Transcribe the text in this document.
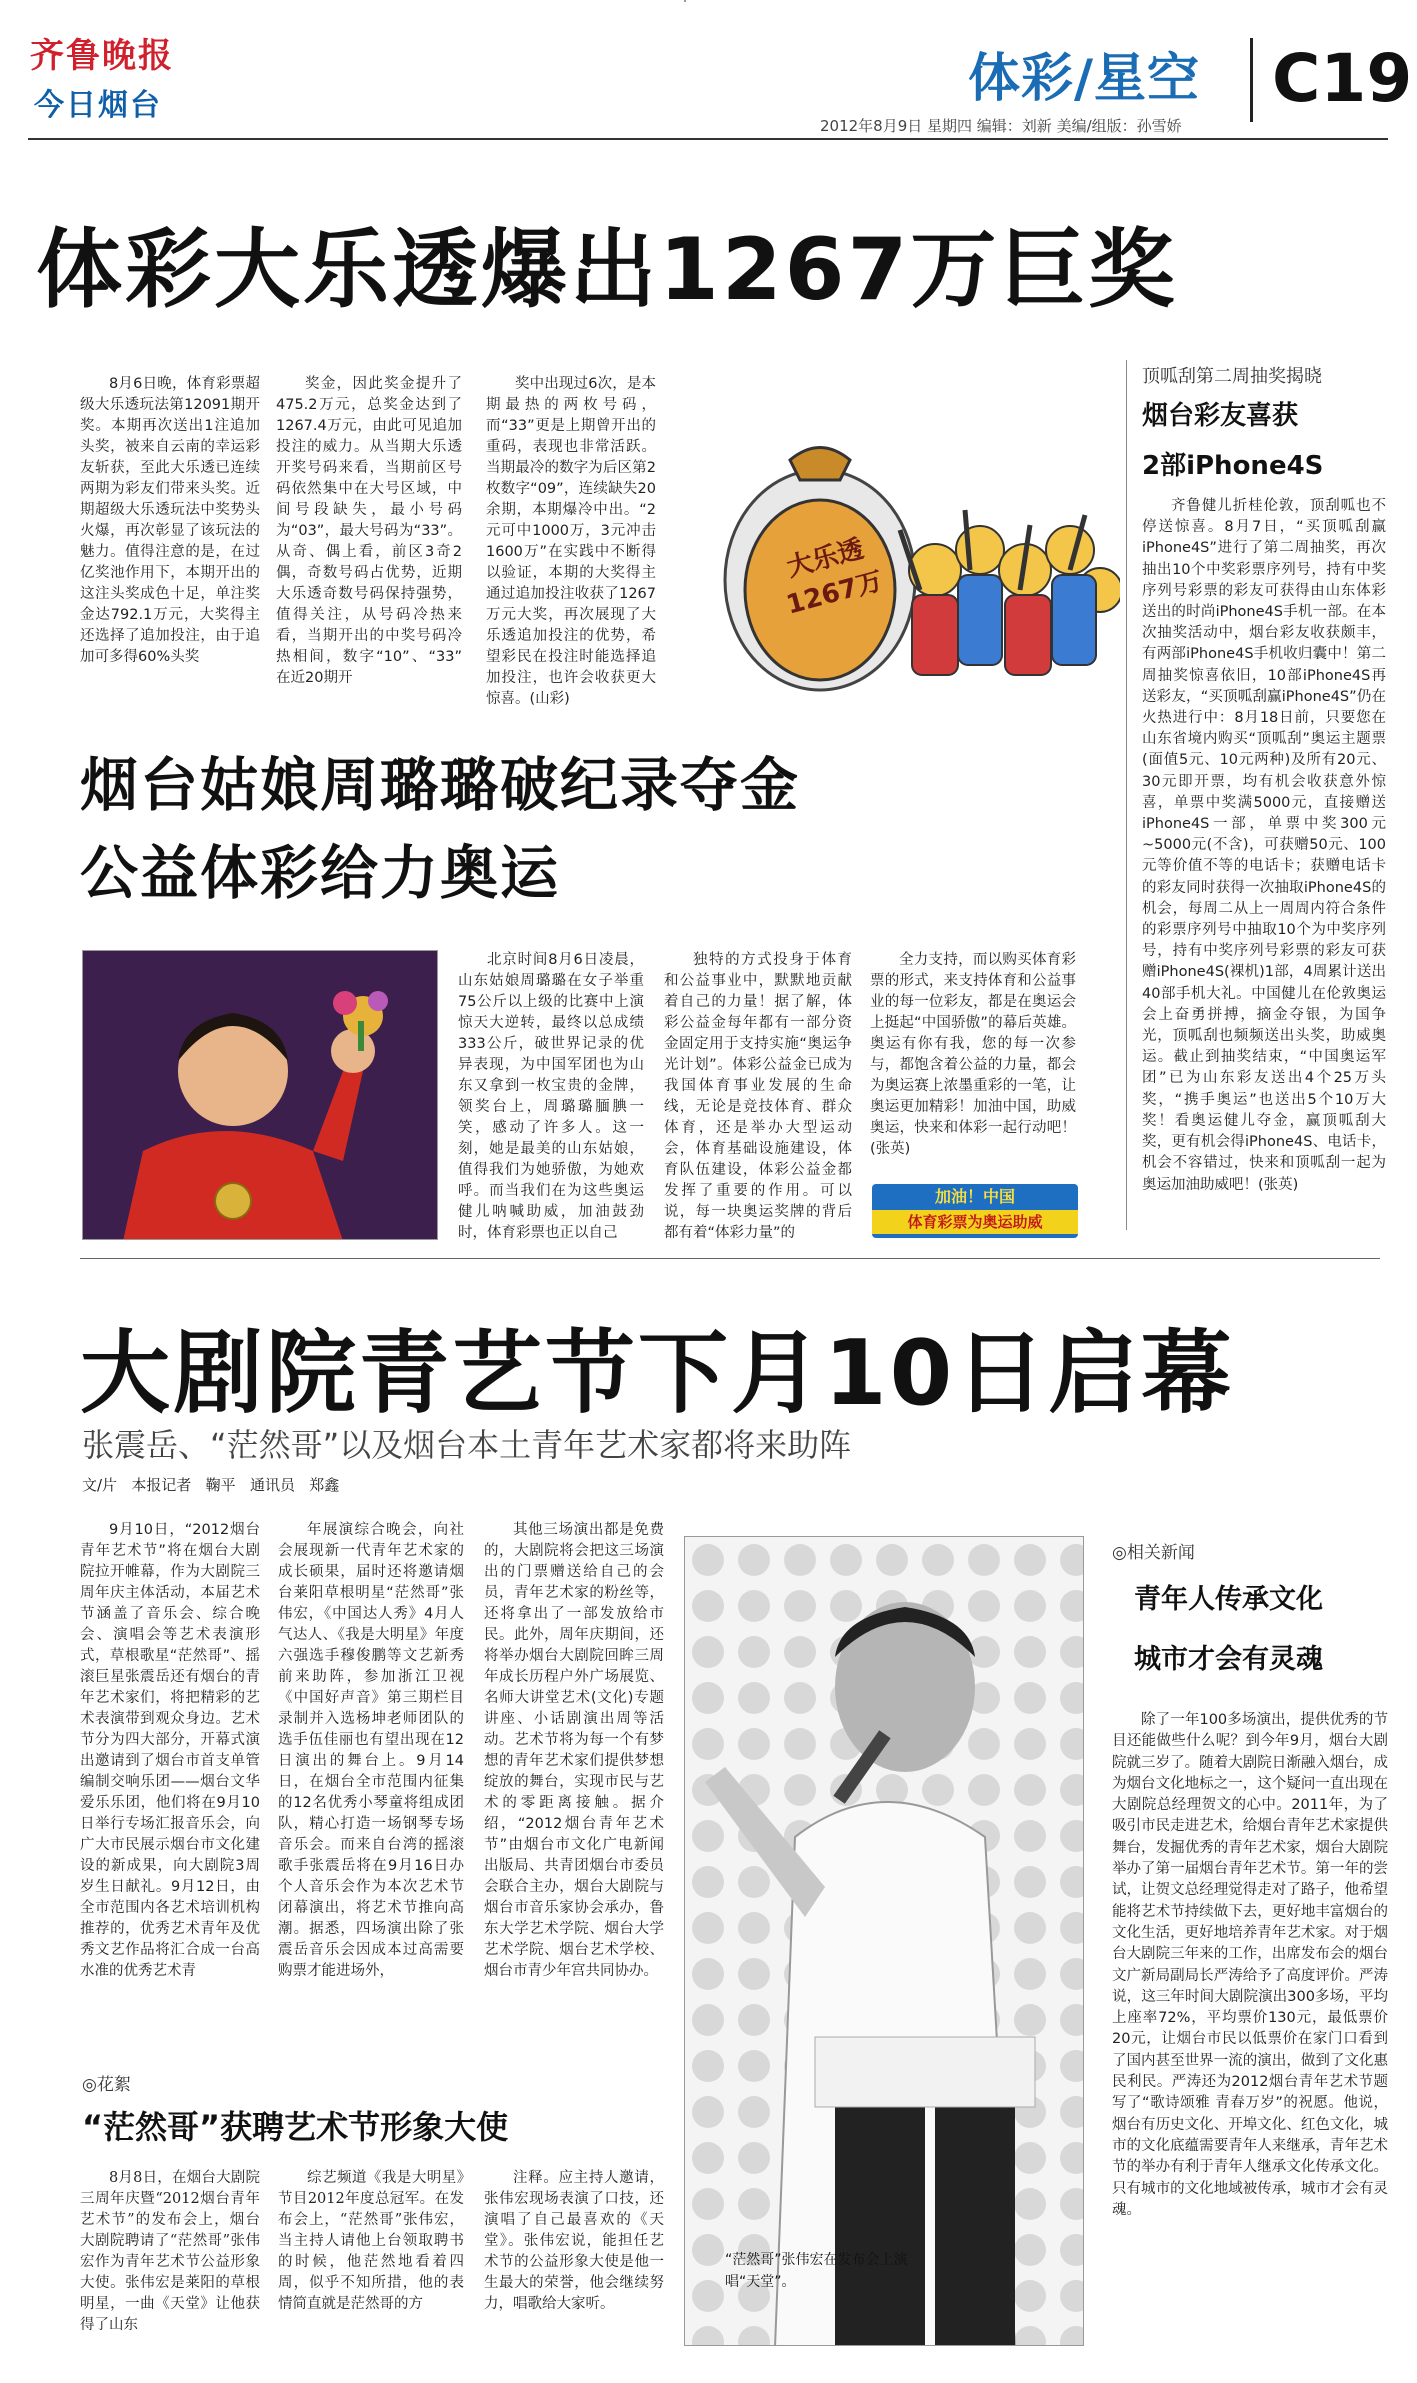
齐鲁晚报
今日烟台	体彩/星空 C19
2012年8月9日 星期四 编辑：刘新 美编/组版：孙雪娇
体彩大乐透爆出1267万巨奖

8月6日晚，体育彩票超级大乐透玩法第12091期开奖。本期再次送出1注追加头奖，被来自云南的幸运彩友斩获，至此大乐透已连续两期为彩友们带来头奖。近期超级大乐透玩法中奖势头火爆，再次彰显了该玩法的魅力。值得注意的是，在过亿奖池作用下，本期开出的这注头奖成色十足，单注奖金达792.1万元，大奖得主还选择了追加投注，由于追加可多得60%头奖

奖金，因此奖金提升了475.2万元，总奖金达到了1267.4万元，由此可见追加投注的威力。从当期大乐透开奖号码来看，当期前区号码依然集中在大号区域，中间号段缺失，最小号码为“03”，最大号码为“33”。从奇、偶上看，前区3奇2偶，奇数号码占优势，近期大乐透奇数号码保持强势，值得关注，从号码冷热来看，当期开出的中奖号码冷热相间，数字“10”、“33” 在近20期开

奖中出现过6次，是本期最热的两枚号码，而“33”更是上期曾开出的重码，表现也非常活跃。当期最冷的数字为后区第2枚数字“09”，连续缺失20余期，本期爆冷中出。“2元可中1000万，3元冲击1600万”在实践中不断得以验证，本期的大奖得主通过追加投注收获了1267万元大奖，再次展现了大乐透追加投注的优势，希望彩民在投注时能选择追加投注，也许会收获更大惊喜。(山彩)

大乐透 1267万
顶呱刮第二周抽奖揭晓
烟台彩友喜获
2部iPhone4S

齐鲁健儿折桂伦敦，顶刮呱也不停送惊喜。8月7日，“买顶呱刮赢iPhone4S”进行了第二周抽奖，再次抽出10个中奖彩票序列号，持有中奖序列号彩票的彩友可获得由山东体彩送出的时尚iPhone4S手机一部。在本次抽奖活动中，烟台彩友收获颇丰，有两部iPhone4S手机收归囊中！第二周抽奖惊喜依旧，10部iPhone4S再送彩友，“买顶呱刮赢iPhone4S”仍在火热进行中：8月18日前，只要您在山东省境内购买“顶呱刮”奥运主题票(面值5元、10元两种)及所有20元、30元即开票，均有机会收获意外惊喜，单票中奖满5000元，直接赠送iPhone4S一部，单票中奖300元~5000元(不含)，可获赠50元、100元等价值不等的电话卡；获赠电话卡的彩友同时获得一次抽取iPhone4S的机会，每周二从上一周周内符合条件的彩票序列号中抽取10个为中奖序列号，持有中奖序列号彩票的彩友可获赠iPhone4S(裸机)1部，4周累计送出40部手机大礼。中国健儿在伦敦奥运会上奋勇拼搏，摘金夺银，为国争光，顶呱刮也频频送出头奖，助威奥运。截止到抽奖结束，“中国奥运军团”已为山东彩友送出4个25万头奖，“携手奥运”也送出5个10万大奖！看奥运健儿夺金，赢顶呱刮大奖，更有机会得iPhone4S、电话卡，机会不容错过，快来和顶呱刮一起为奥运加油助威吧！(张英)

烟台姑娘周璐璐破纪录夺金
公益体彩给力奥运

北京时间8月6日凌晨，山东姑娘周璐璐在女子举重75公斤以上级的比赛中上演惊天大逆转，最终以总成绩333公斤，破世界记录的优异表现，为中国军团也为山东又拿到一枚宝贵的金牌，领奖台上，周璐璐腼腆一笑，感动了许多人。这一刻，她是最美的山东姑娘，值得我们为她骄傲，为她欢呼。而当我们在为这些奥运健儿呐喊助威，加油鼓劲时，体育彩票也正以自己

独特的方式投身于体育和公益事业中，默默地贡献着自己的力量！据了解，体彩公益金每年都有一部分资金固定用于支持实施“奥运争光计划”。体彩公益金已成为我国体育事业发展的生命线，无论是竞技体育、群众体育，还是举办大型运动会，体育基础设施建设，体育队伍建设，体彩公益金都发挥了重要的作用。可以说，每一块奥运奖牌的背后都有着“体彩力量”的

全力支持，而以购买体育彩票的形式，来支持体育和公益事业的每一位彩友，都是在奥运会上挺起“中国骄傲”的幕后英雄。奥运有你有我，您的每一次参与，都饱含着公益的力量，都会为奥运赛上浓墨重彩的一笔，让奥运更加精彩！加油中国，助威奥运，快来和体彩一起行动吧！(张英)

加油！中国
体育彩票为奥运助威
大剧院青艺节下月10日启幕
张震岳、“茫然哥”以及烟台本土青年艺术家都将来助阵
文/片   本报记者   鞠平   通讯员   郑鑫

9月10日，“2012烟台青年艺术节”将在烟台大剧院拉开帷幕，作为大剧院三周年庆主体活动，本届艺术节涵盖了音乐会、综合晚会、演唱会等艺术表演形式，草根歌星“茫然哥”、摇滚巨星张震岳还有烟台的青年艺术家们，将把精彩的艺术表演带到观众身边。艺术节分为四大部分，开幕式演出邀请到了烟台市首支单管编制交响乐团——烟台文华爱乐乐团，他们将在9月10日举行专场汇报音乐会，向广大市民展示烟台市文化建设的新成果，向大剧院3周岁生日献礼。9月12日，由全市范围内各艺术培训机构推荐的，优秀艺术青年及优秀文艺作品将汇合成一台高水准的优秀艺术青

年展演综合晚会，向社会展现新一代青年艺术家的成长硕果，届时还将邀请烟台莱阳草根明星“茫然哥”张伟宏，《中国达人秀》4月人气达人、《我是大明星》年度六强选手穆俊鹏等文艺新秀前来助阵，参加浙江卫视《中国好声音》第三期栏目录制并入选杨坤老师团队的选手伍佳丽也有望出现在12日演出的舞台上。9月14日，在烟台全市范围内征集的12名优秀小琴童将组成团队，精心打造一场钢琴专场音乐会。而来自台湾的摇滚歌手张震岳将在9月16日办个人音乐会作为本次艺术节闭幕演出，将艺术节推向高潮。据悉，四场演出除了张震岳音乐会因成本过高需要购票才能进场外，

其他三场演出都是免费的，大剧院将会把这三场演出的门票赠送给自己的会员，青年艺术家的粉丝等，还将拿出了一部发放给市民。此外，周年庆期间，还将举办烟台大剧院回眸三周年成长历程户外广场展览、名师大讲堂艺术(文化)专题讲座、小话剧演出周等活动。艺术节将为每一个有梦想的青年艺术家们提供梦想绽放的舞台，实现市民与艺术的零距离接触。据介绍，“2012烟台青年艺术节”由烟台市文化广电新闻出版局、共青团烟台市委员会联合主办，烟台大剧院与烟台市音乐家协会承办，鲁东大学艺术学院、烟台大学艺术学院、烟台艺术学校、烟台市青少年宫共同协办。

“茫然哥”张伟宏在发布会上演唱“天堂”。
◎相关新闻
青年人传承文化
城市才会有灵魂

除了一年100多场演出，提供优秀的节目还能做些什么呢？到今年9月，烟台大剧院就三岁了。随着大剧院日渐融入烟台，成为烟台文化地标之一，这个疑问一直出现在大剧院总经理贺文的心中。2011年，为了吸引市民走进艺术，给烟台青年艺术家提供舞台，发掘优秀的青年艺术家，烟台大剧院举办了第一届烟台青年艺术节。第一年的尝试，让贺文总经理觉得走对了路子，他希望能将艺术节持续做下去，更好地丰富烟台的文化生活，更好地培养青年艺术家。对于烟台大剧院三年来的工作，出席发布会的烟台文广新局副局长严涛给予了高度评价。严涛说，这三年时间大剧院演出300多场，平均上座率72%，平均票价130元，最低票价20元，让烟台市民以低票价在家门口看到了国内甚至世界一流的演出，做到了文化惠民利民。严涛还为2012烟台青年艺术节题写了“歌诗颂雅 青春万岁”的祝愿。他说，烟台有历史文化、开埠文化、红色文化，城市的文化底蕴需要青年人来继承，青年艺术节的举办有利于青年人继承文化传承文化。只有城市的文化地域被传承，城市才会有灵魂。

◎花絮
“茫然哥”获聘艺术节形象大使

8月8日，在烟台大剧院三周年庆暨“2012烟台青年艺术节”的发布会上，烟台大剧院聘请了“茫然哥”张伟宏作为青年艺术节公益形象大使。张伟宏是莱阳的草根明星，一曲《天堂》让他获得了山东

综艺频道《我是大明星》节目2012年度总冠军。在发布会上，“茫然哥”张伟宏，当主持人请他上台领取聘书的时候，他茫然地看着四周，似乎不知所措，他的表情简直就是茫然哥的方

注释。应主持人邀请，张伟宏现场表演了口技，还演唱了自己最喜欢的《天堂》。张伟宏说，能担任艺术节的公益形象大使是他一生最大的荣誉，他会继续努力，唱歌给大家听。
